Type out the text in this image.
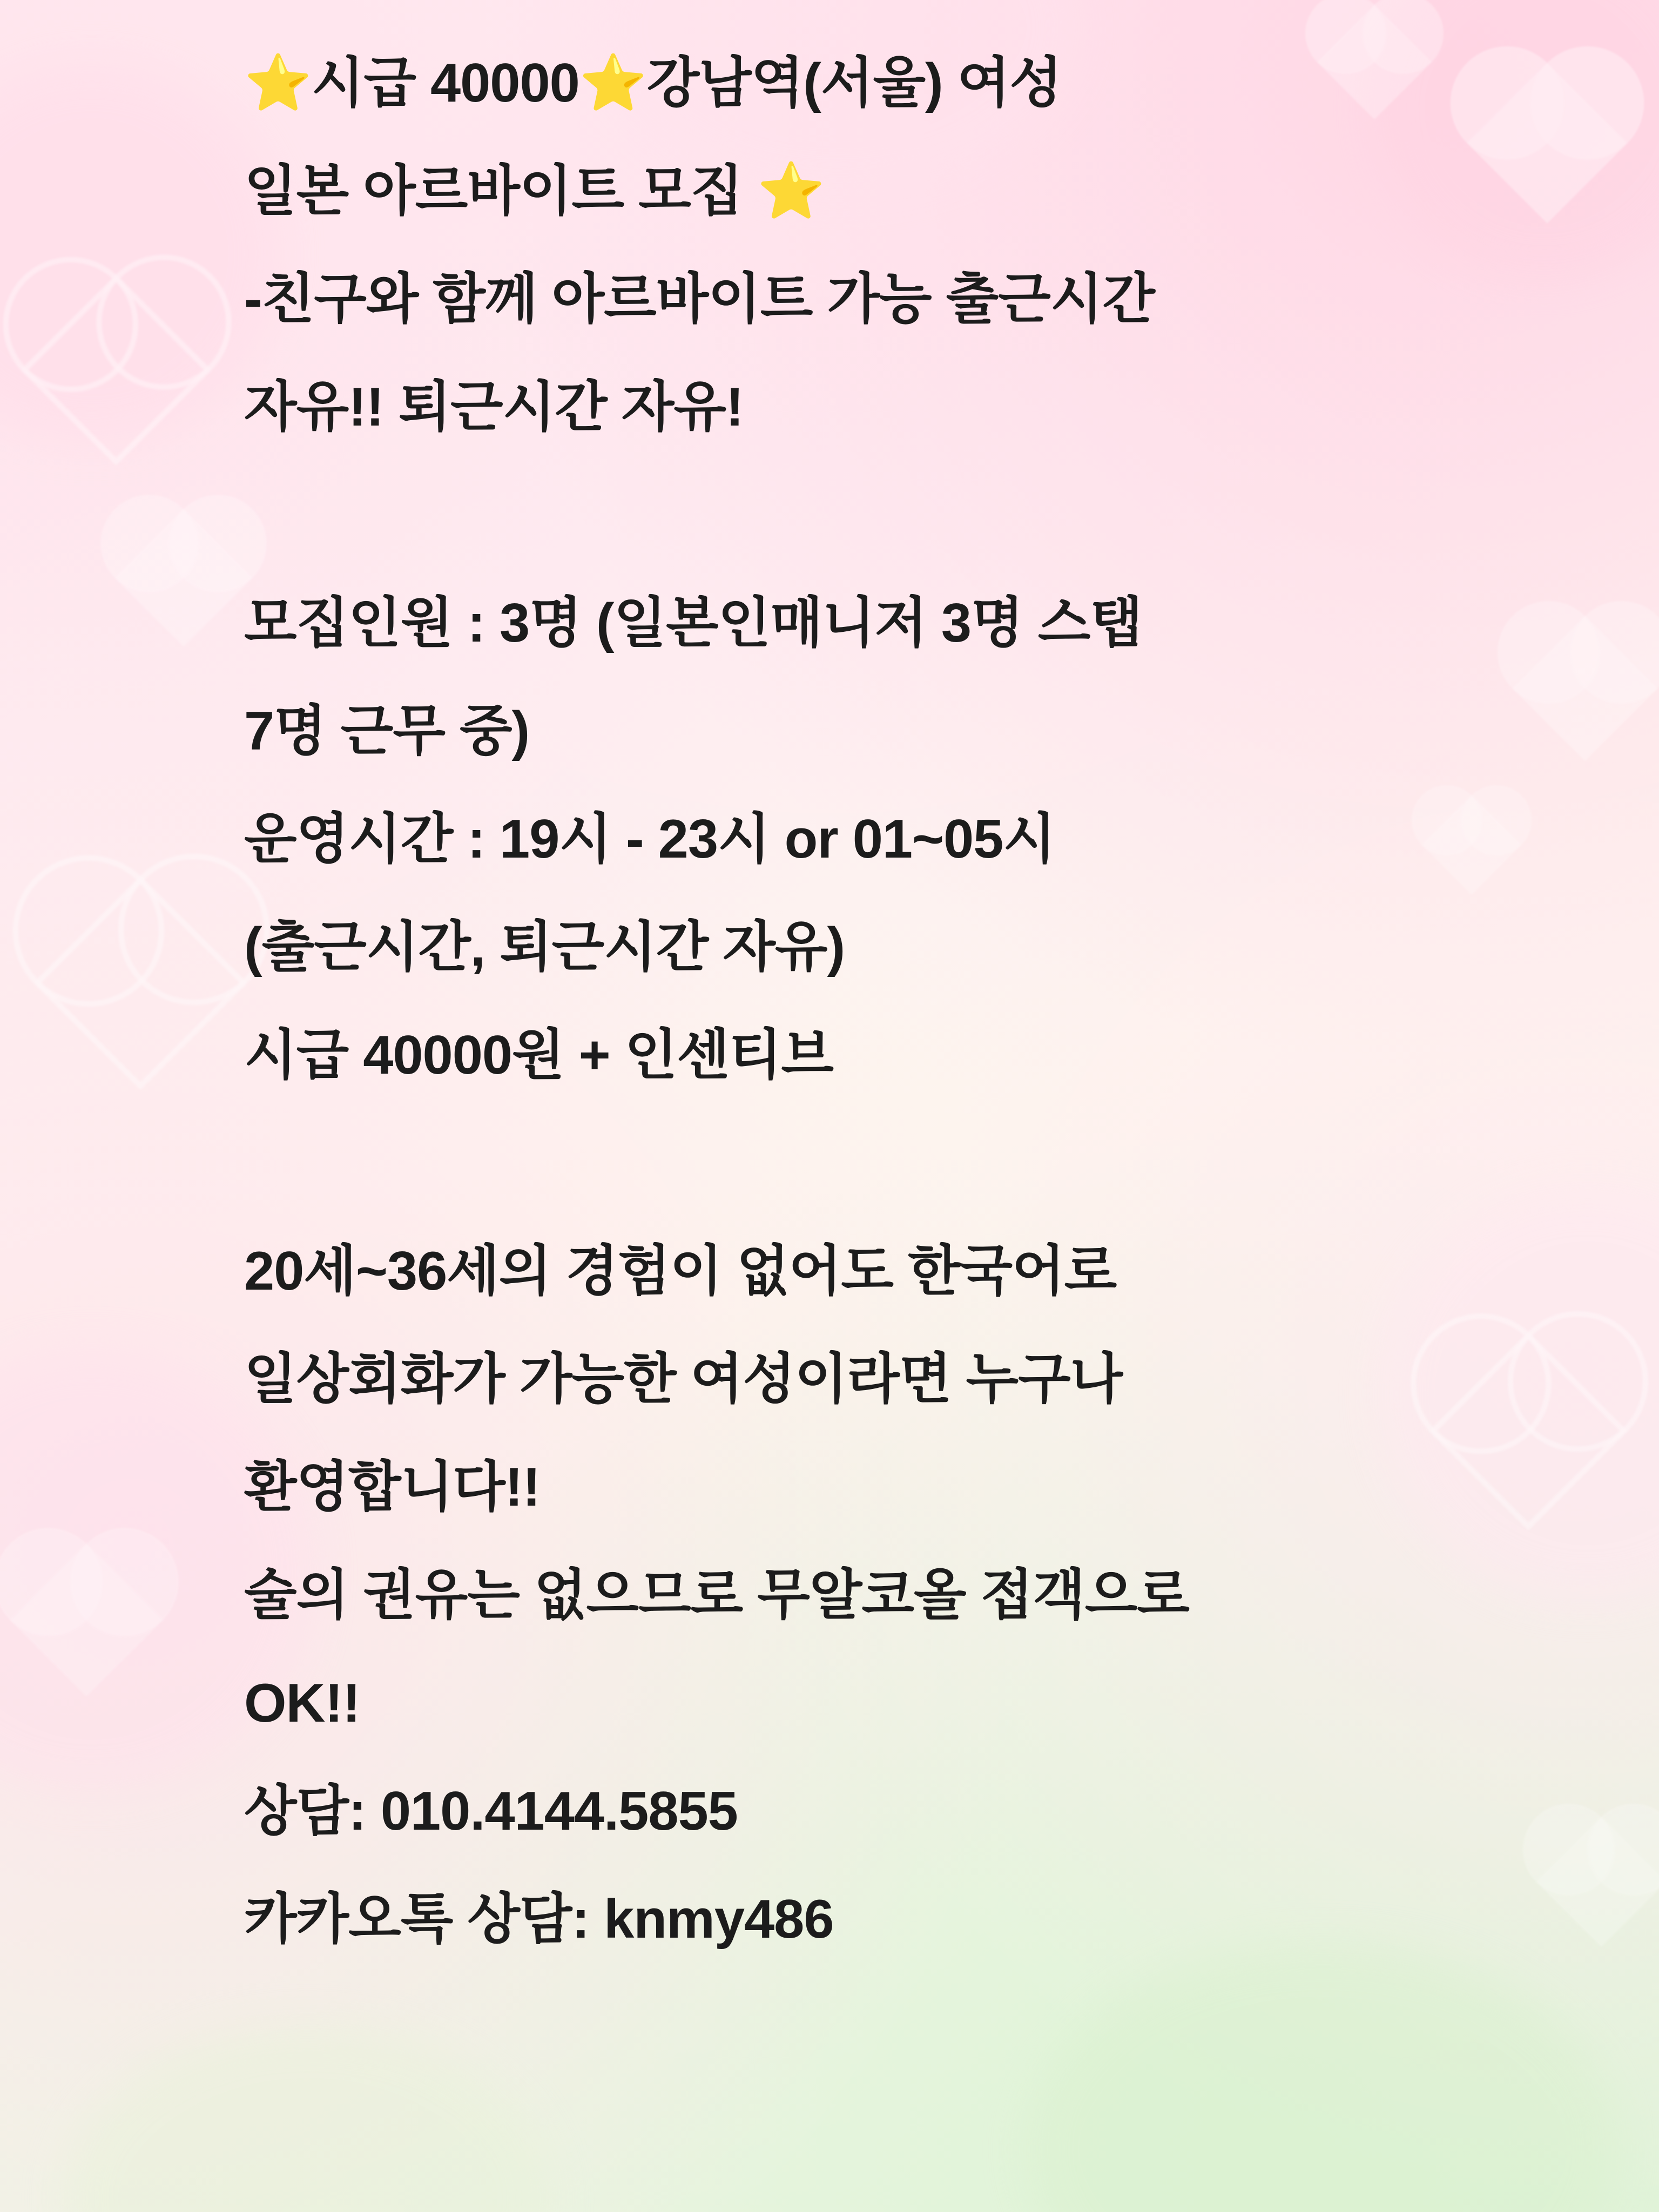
⭐시급 40000⭐강남역(서울) 여성
일본 아르바이트 모집 ⭐
-친구와 함께 아르바이트 가능 출근시간
자유!! 퇴근시간 자유!
모집인원 : 3명 (일본인매니저 3명 스탭
7명 근무 중)
운영시간 : 19시 - 23시 or 01~05시
(출근시간, 퇴근시간 자유)
시급 40000원 + 인센티브
20세~36세의 경험이 없어도 한국어로
일상회화가 가능한 여성이라면 누구나
환영합니다!!
술의 권유는 없으므로 무알코올 접객으로
OK!!
상담: 010.4144.5855
카카오톡 상담: knmy486
